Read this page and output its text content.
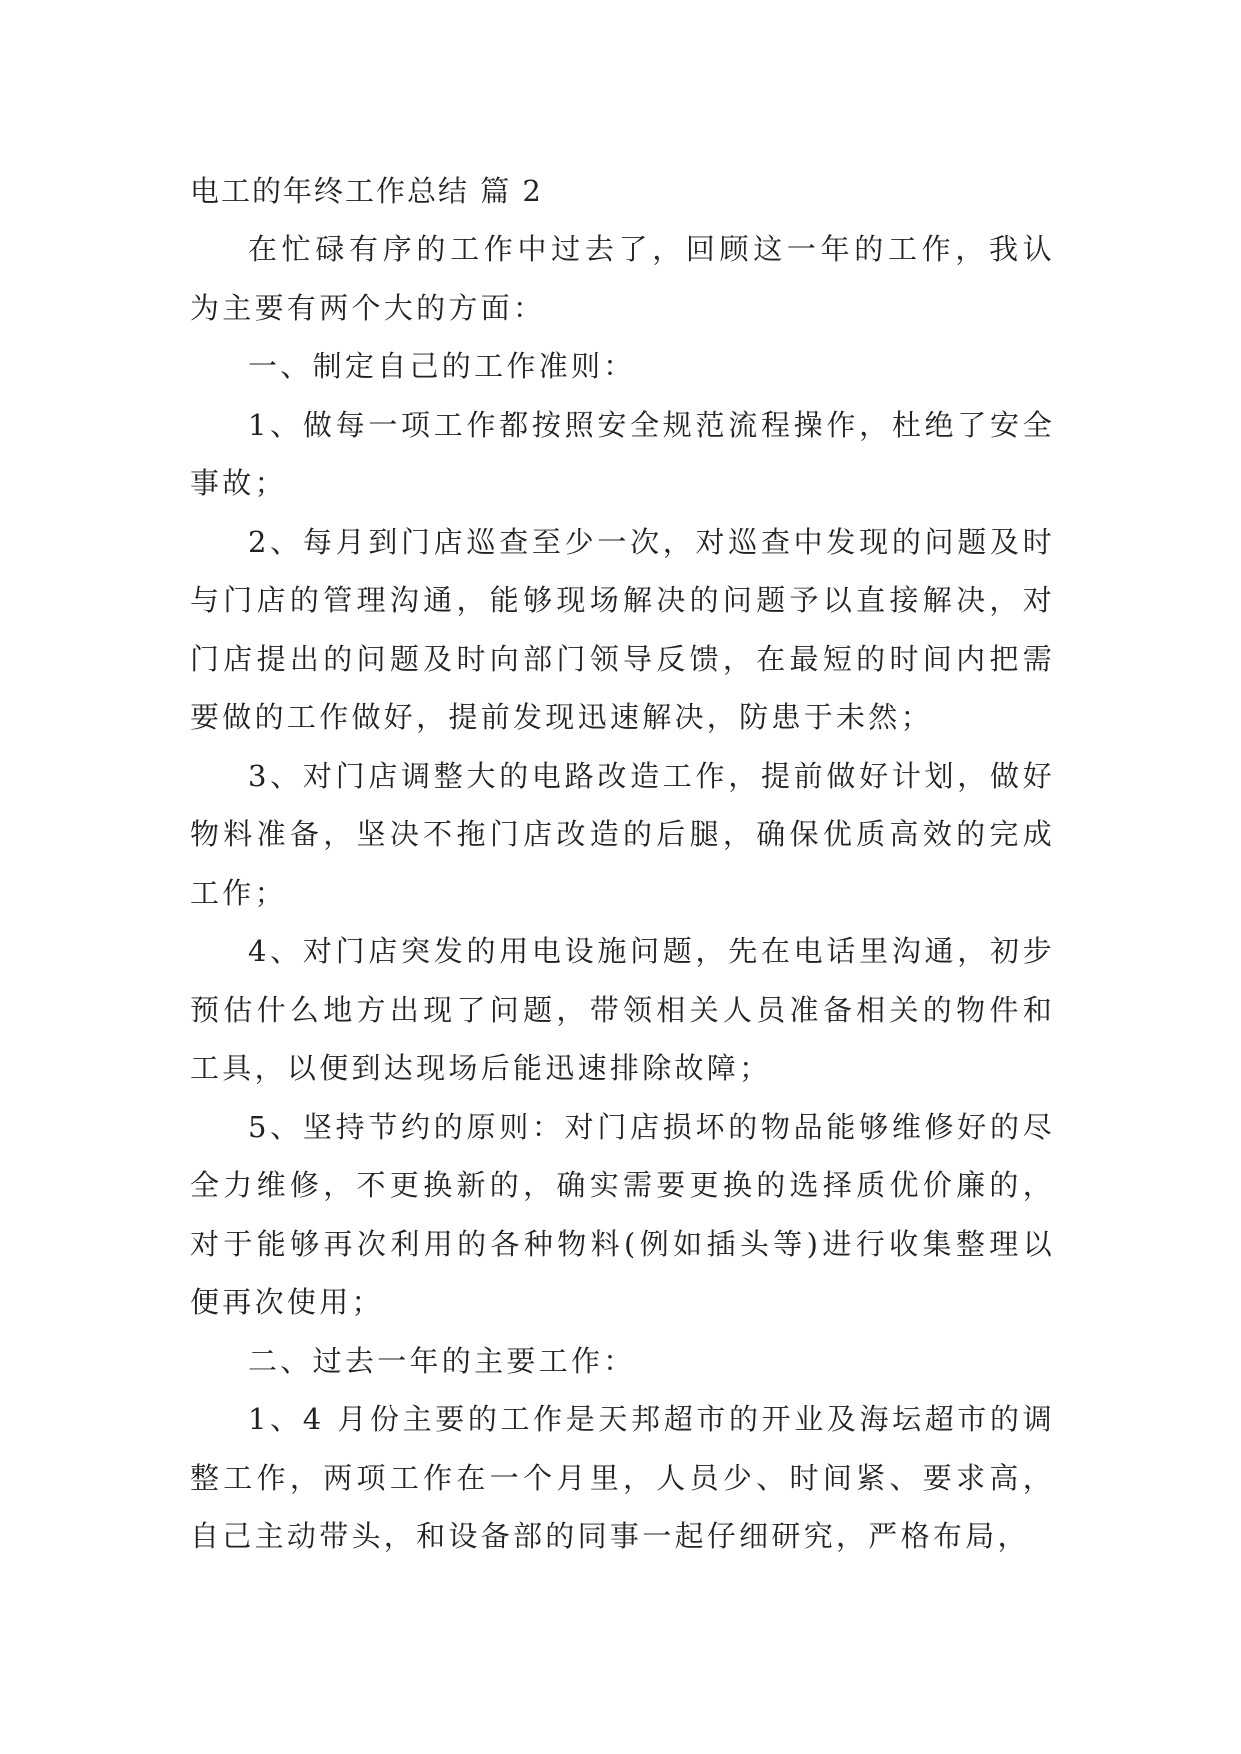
电工的年终工作总结 篇 2

在忙碌有序的工作中过去了，回顾这一年的工作，我认为主要有两个大的方面：

一、制定自己的工作准则：

1、做每一项工作都按照安全规范流程操作，杜绝了安全事故；

2、每月到门店巡查至少一次，对巡查中发现的问题及时与门店的管理沟通，能够现场解决的问题予以直接解决，对门店提出的问题及时向部门领导反馈，在最短的时间内把需要做的工作做好，提前发现迅速解决，防患于未然；

3、对门店调整大的电路改造工作，提前做好计划，做好物料准备，坚决不拖门店改造的后腿，确保优质高效的完成工作；

4、对门店突发的用电设施问题，先在电话里沟通，初步预估什么地方出现了问题，带领相关人员准备相关的物件和工具，以便到达现场后能迅速排除故障；

5、坚持节约的原则：对门店损坏的物品能够维修好的尽全力维修，不更换新的，确实需要更换的选择质优价廉的，对于能够再次利用的各种物料(例如插头等)进行收集整理以便再次使用；

二、过去一年的主要工作：

1、4 月份主要的工作是天邦超市的开业及海坛超市的调整工作，两项工作在一个月里，人员少、时间紧、要求高，自己主动带头，和设备部的同事一起仔细研究，严格布局，
